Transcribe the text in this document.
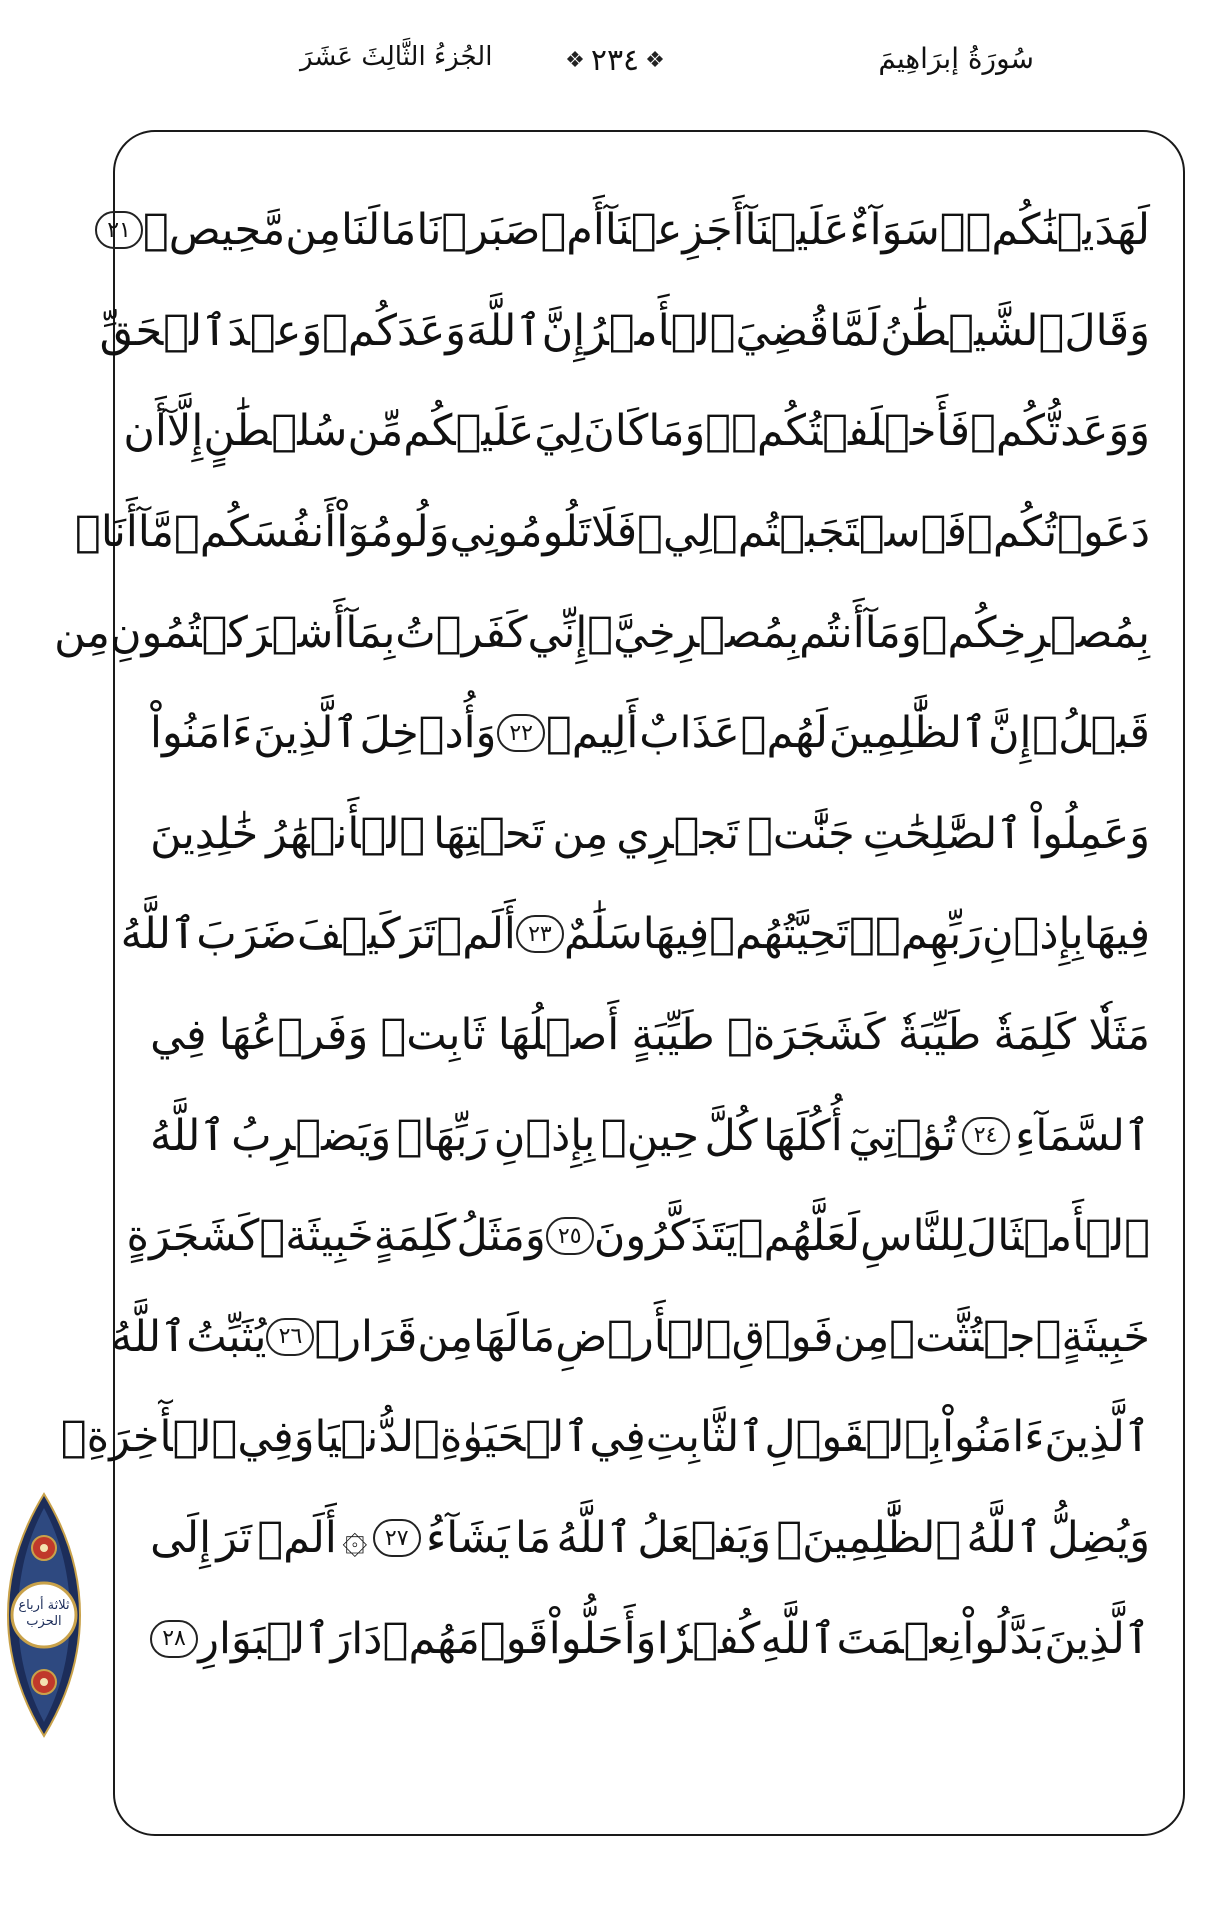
سُورَةُ إبرَاهِيمَ
❖ ٢٣٤ ❖
الجُزءُ الثَّالِثَ عَشَرَ
لَهَدَيۡنَٰكُمۡۖ
سَوَآءٌ
عَلَيۡنَآ
أَجَزِعۡنَآ
أَمۡ
صَبَرۡنَا
مَا
لَنَا
مِن
مَّحِيصٖ
٢١
وَقَالَ
ٱلشَّيۡطَٰنُ
لَمَّا
قُضِيَ
ٱلۡأَمۡرُ
إِنَّ
ٱللَّهَ
وَعَدَكُمۡ
وَعۡدَ
ٱلۡحَقِّ
وَوَعَدتُّكُمۡ
فَأَخۡلَفۡتُكُمۡۖ
وَمَا
كَانَ
لِيَ
عَلَيۡكُم
مِّن
سُلۡطَٰنٍ
إِلَّآ
أَن
دَعَوۡتُكُمۡ
فَٱسۡتَجَبۡتُمۡ
لِيۖ
فَلَا
تَلُومُونِي
وَلُومُوٓاْ
أَنفُسَكُمۖ
مَّآ
أَنَا۠
بِمُصۡرِخِكُمۡ
وَمَآ
أَنتُم
بِمُصۡرِخِيَّۖ
إِنِّي
كَفَرۡتُ
بِمَآ
أَشۡرَكۡتُمُونِ
مِن
قَبۡلُۗ
إِنَّ
ٱلظَّٰلِمِينَ
لَهُمۡ
عَذَابٌ
أَلِيمٞ
٢٢
وَأُدۡخِلَ
ٱلَّذِينَ
ءَامَنُواْ
وَعَمِلُواْ
ٱلصَّٰلِحَٰتِ
جَنَّٰتٖ
تَجۡرِي
مِن
تَحۡتِهَا
ٱلۡأَنۡهَٰرُ
خَٰلِدِينَ
فِيهَا
بِإِذۡنِ
رَبِّهِمۡۖ
تَحِيَّتُهُمۡ
فِيهَا
سَلَٰمٌ
٢٣
أَلَمۡ
تَرَ
كَيۡفَ
ضَرَبَ
ٱللَّهُ
مَثَلٗا
كَلِمَةٗ
طَيِّبَةٗ
كَشَجَرَةٖ
طَيِّبَةٍ
أَصۡلُهَا
ثَابِتٞ
وَفَرۡعُهَا
فِي
ٱلسَّمَآءِ
٢٤
تُؤۡتِيٓ
أُكُلَهَا
كُلَّ
حِينِۢ
بِإِذۡنِ
رَبِّهَاۗ
وَيَضۡرِبُ
ٱللَّهُ
ٱلۡأَمۡثَالَ
لِلنَّاسِ
لَعَلَّهُمۡ
يَتَذَكَّرُونَ
٢٥
وَمَثَلُ
كَلِمَةٍ
خَبِيثَةٖ
كَشَجَرَةٍ
خَبِيثَةٍ
ٱجۡتُثَّتۡ
مِن
فَوۡقِ
ٱلۡأَرۡضِ
مَا
لَهَا
مِن
قَرَارٖ
٢٦
يُثَبِّتُ
ٱللَّهُ
ٱلَّذِينَ
ءَامَنُواْ
بِٱلۡقَوۡلِ
ٱلثَّابِتِ
فِي
ٱلۡحَيَوٰةِ
ٱلدُّنۡيَا
وَفِي
ٱلۡأٓخِرَةِۖ
وَيُضِلُّ
ٱللَّهُ
ٱلظَّٰلِمِينَۚ
وَيَفۡعَلُ
ٱللَّهُ
مَا
يَشَآءُ
٢٧
۞
أَلَمۡ
تَرَ
إِلَى
ٱلَّذِينَ
بَدَّلُواْ
نِعۡمَتَ
ٱللَّهِ
كُفۡرٗا
وَأَحَلُّواْ
قَوۡمَهُمۡ
دَارَ
ٱلۡبَوَارِ
٢٨
ثلاثة أرباع الحزب
